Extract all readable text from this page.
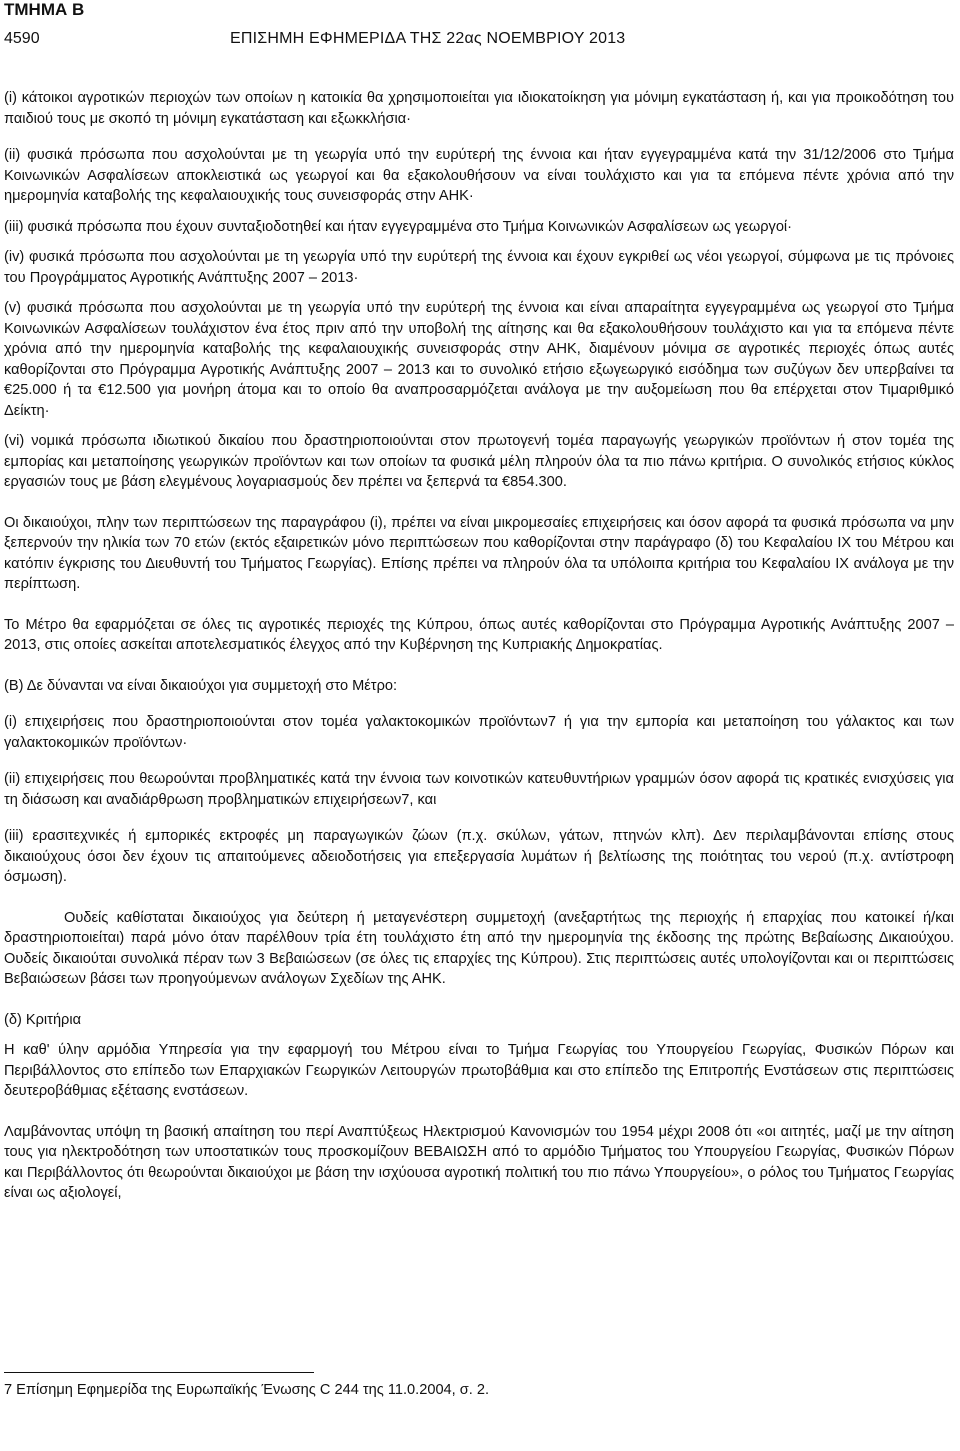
ΤΜΗΜΑ Β
4590	ΕΠΙΣΗΜΗ ΕΦΗΜΕΡΙΔΑ ΤΗΣ 22ας ΝΟΕΜΒΡΙΟΥ 2013

(i) κάτοικοι αγροτικών περιοχών των οποίων η κατοικία θα χρησιμοποιείται για ιδιοκατοίκηση για μόνιμη εγκατάσταση ή, και για προικοδότηση του παιδιού τους με σκοπό τη μόνιμη εγκατάσταση και εξωκκλήσια·

(ii) φυσικά πρόσωπα που ασχολούνται με τη γεωργία υπό την ευρύτερή της έννοια και ήταν εγγεγραμμένα κατά την 31/12/2006 στο Τμήμα Κοινωνικών Ασφαλίσεων αποκλειστικά ως γεωργοί και θα εξακολουθήσουν να είναι τουλάχιστο και για τα επόμενα πέντε χρόνια από την ημερομηνία καταβολής της κεφαλαιουχικής τους συνεισφοράς στην ΑΗΚ·

(iii) φυσικά πρόσωπα που έχουν συνταξιοδοτηθεί και ήταν εγγεγραμμένα στο Τμήμα Κοινωνικών Ασφαλίσεων ως γεωργοί·

(iv) φυσικά πρόσωπα που ασχολούνται με τη γεωργία υπό την ευρύτερή της έννοια και έχουν εγκριθεί ως νέοι γεωργοί, σύμφωνα με τις πρόνοιες του Προγράμματος Αγροτικής Ανάπτυξης 2007 – 2013·

(v) φυσικά πρόσωπα που ασχολούνται με τη γεωργία υπό την ευρύτερή της έννοια και είναι απαραίτητα εγγεγραμμένα ως γεωργοί στο Τμήμα Κοινωνικών Ασφαλίσεων τουλάχιστον ένα έτος πριν από την υποβολή της αίτησης και θα εξακολουθήσουν τουλάχιστο και για τα επόμενα πέντε χρόνια από την ημερομηνία καταβολής της κεφαλαιουχικής συνεισφοράς στην ΑΗΚ, διαμένουν μόνιμα σε αγροτικές περιοχές όπως αυτές καθορίζονται στο Πρόγραμμα Αγροτικής Ανάπτυξης 2007 – 2013 και το συνολικό ετήσιο εξωγεωργικό εισόδημα των συζύγων δεν υπερβαίνει τα €25.000 ή τα €12.500 για μονήρη άτομα και το οποίο θα αναπροσαρμόζεται ανάλογα με την αυξομείωση που θα επέρχεται στον Τιμαριθμικό Δείκτη·

(vi) νομικά πρόσωπα ιδιωτικού δικαίου που δραστηριοποιούνται στον πρωτογενή τομέα παραγωγής γεωργικών προϊόντων ή στον τομέα της εμπορίας και μεταποίησης γεωργικών προϊόντων και των οποίων τα φυσικά μέλη πληρούν όλα τα πιο πάνω κριτήρια. Ο συνολικός ετήσιος κύκλος εργασιών τους με βάση ελεγμένους λογαριασμούς δεν πρέπει να ξεπερνά τα €854.300.

Οι δικαιούχοι, πλην των περιπτώσεων της παραγράφου (i), πρέπει να είναι μικρομεσαίες επιχειρήσεις και όσον αφορά τα φυσικά πρόσωπα να μην ξεπερνούν την ηλικία των 70 ετών (εκτός εξαιρετικών μόνο περιπτώσεων που καθορίζονται στην παράγραφο (δ) του Κεφαλαίου ΙΧ του Μέτρου και κατόπιν έγκρισης του Διευθυντή του Τμήματος Γεωργίας). Επίσης πρέπει να πληρούν όλα τα υπόλοιπα κριτήρια του Κεφαλαίου ΙΧ ανάλογα με την περίπτωση.

Το Μέτρο θα εφαρμόζεται σε όλες τις αγροτικές περιοχές της Κύπρου, όπως αυτές καθορίζονται στο Πρόγραμμα Αγροτικής Ανάπτυξης 2007 – 2013, στις οποίες ασκείται αποτελεσματικός έλεγχος από την Κυβέρνηση της Κυπριακής Δημοκρατίας.

(Β) Δε δύνανται να είναι δικαιούχοι για συμμετοχή στο Μέτρο:

(i) επιχειρήσεις που δραστηριοποιούνται στον τομέα γαλακτοκομικών προϊόντων7 ή για την εμπορία και μεταποίηση του γάλακτος και των γαλακτοκομικών προϊόντων·

(ii) επιχειρήσεις που θεωρούνται προβληματικές κατά την έννοια των κοινοτικών κατευθυντήριων γραμμών όσον αφορά τις κρατικές ενισχύσεις για τη διάσωση και αναδιάρθρωση προβληματικών επιχειρήσεων7, και

(iii) ερασιτεχνικές ή εμπορικές εκτροφές μη παραγωγικών ζώων (π.χ. σκύλων, γάτων, πτηνών κλπ). Δεν περιλαμβάνονται επίσης στους δικαιούχους όσοι δεν έχουν τις απαιτούμενες αδειοδοτήσεις για επεξεργασία λυμάτων ή βελτίωσης της ποιότητας του νερού (π.χ. αντίστροφη όσμωση).

Ουδείς καθίσταται δικαιούχος για δεύτερη ή μεταγενέστερη συμμετοχή (ανεξαρτήτως της περιοχής ή επαρχίας που κατοικεί ή/και δραστηριοποιείται) παρά μόνο όταν παρέλθουν τρία έτη τουλάχιστο έτη από την ημερομηνία της έκδοσης της πρώτης Βεβαίωσης Δικαιούχου. Ουδείς δικαιούται συνολικά πέραν των 3 Βεβαιώσεων (σε όλες τις επαρχίες της Κύπρου). Στις περιπτώσεις αυτές υπολογίζονται και οι περιπτώσεις Βεβαιώσεων βάσει των προηγούμενων ανάλογων Σχεδίων της ΑΗΚ.

(δ) Κριτήρια

Η καθ' ύλην αρμόδια Υπηρεσία για την εφαρμογή του Μέτρου είναι το Τμήμα Γεωργίας του Υπουργείου Γεωργίας, Φυσικών Πόρων και Περιβάλλοντος στο επίπεδο των Επαρχιακών Γεωργικών Λειτουργών πρωτοβάθμια και στο επίπεδο της Επιτροπής Ενστάσεων στις περιπτώσεις δευτεροβάθμιας εξέτασης ενστάσεων.

Λαμβάνοντας υπόψη τη βασική απαίτηση του περί Αναπτύξεως Ηλεκτρισμού Κανονισμών του 1954 μέχρι 2008 ότι «οι αιτητές, μαζί με την αίτηση τους για ηλεκτροδότηση των υποστατικών τους προσκομίζουν ΒΕΒΑΙΩΣΗ από το αρμόδιο Τμήματος του Υπουργείου Γεωργίας, Φυσικών Πόρων και Περιβάλλοντος ότι θεωρούνται δικαιούχοι με βάση την ισχύουσα αγροτική πολιτική του πιο πάνω Υπουργείου», ο ρόλος του Τμήματος Γεωργίας είναι ως αξιολογεί,

7 Επίσημη Εφημερίδα της Ευρωπαϊκής Ένωσης C 244 της 11.0.2004, σ. 2.
